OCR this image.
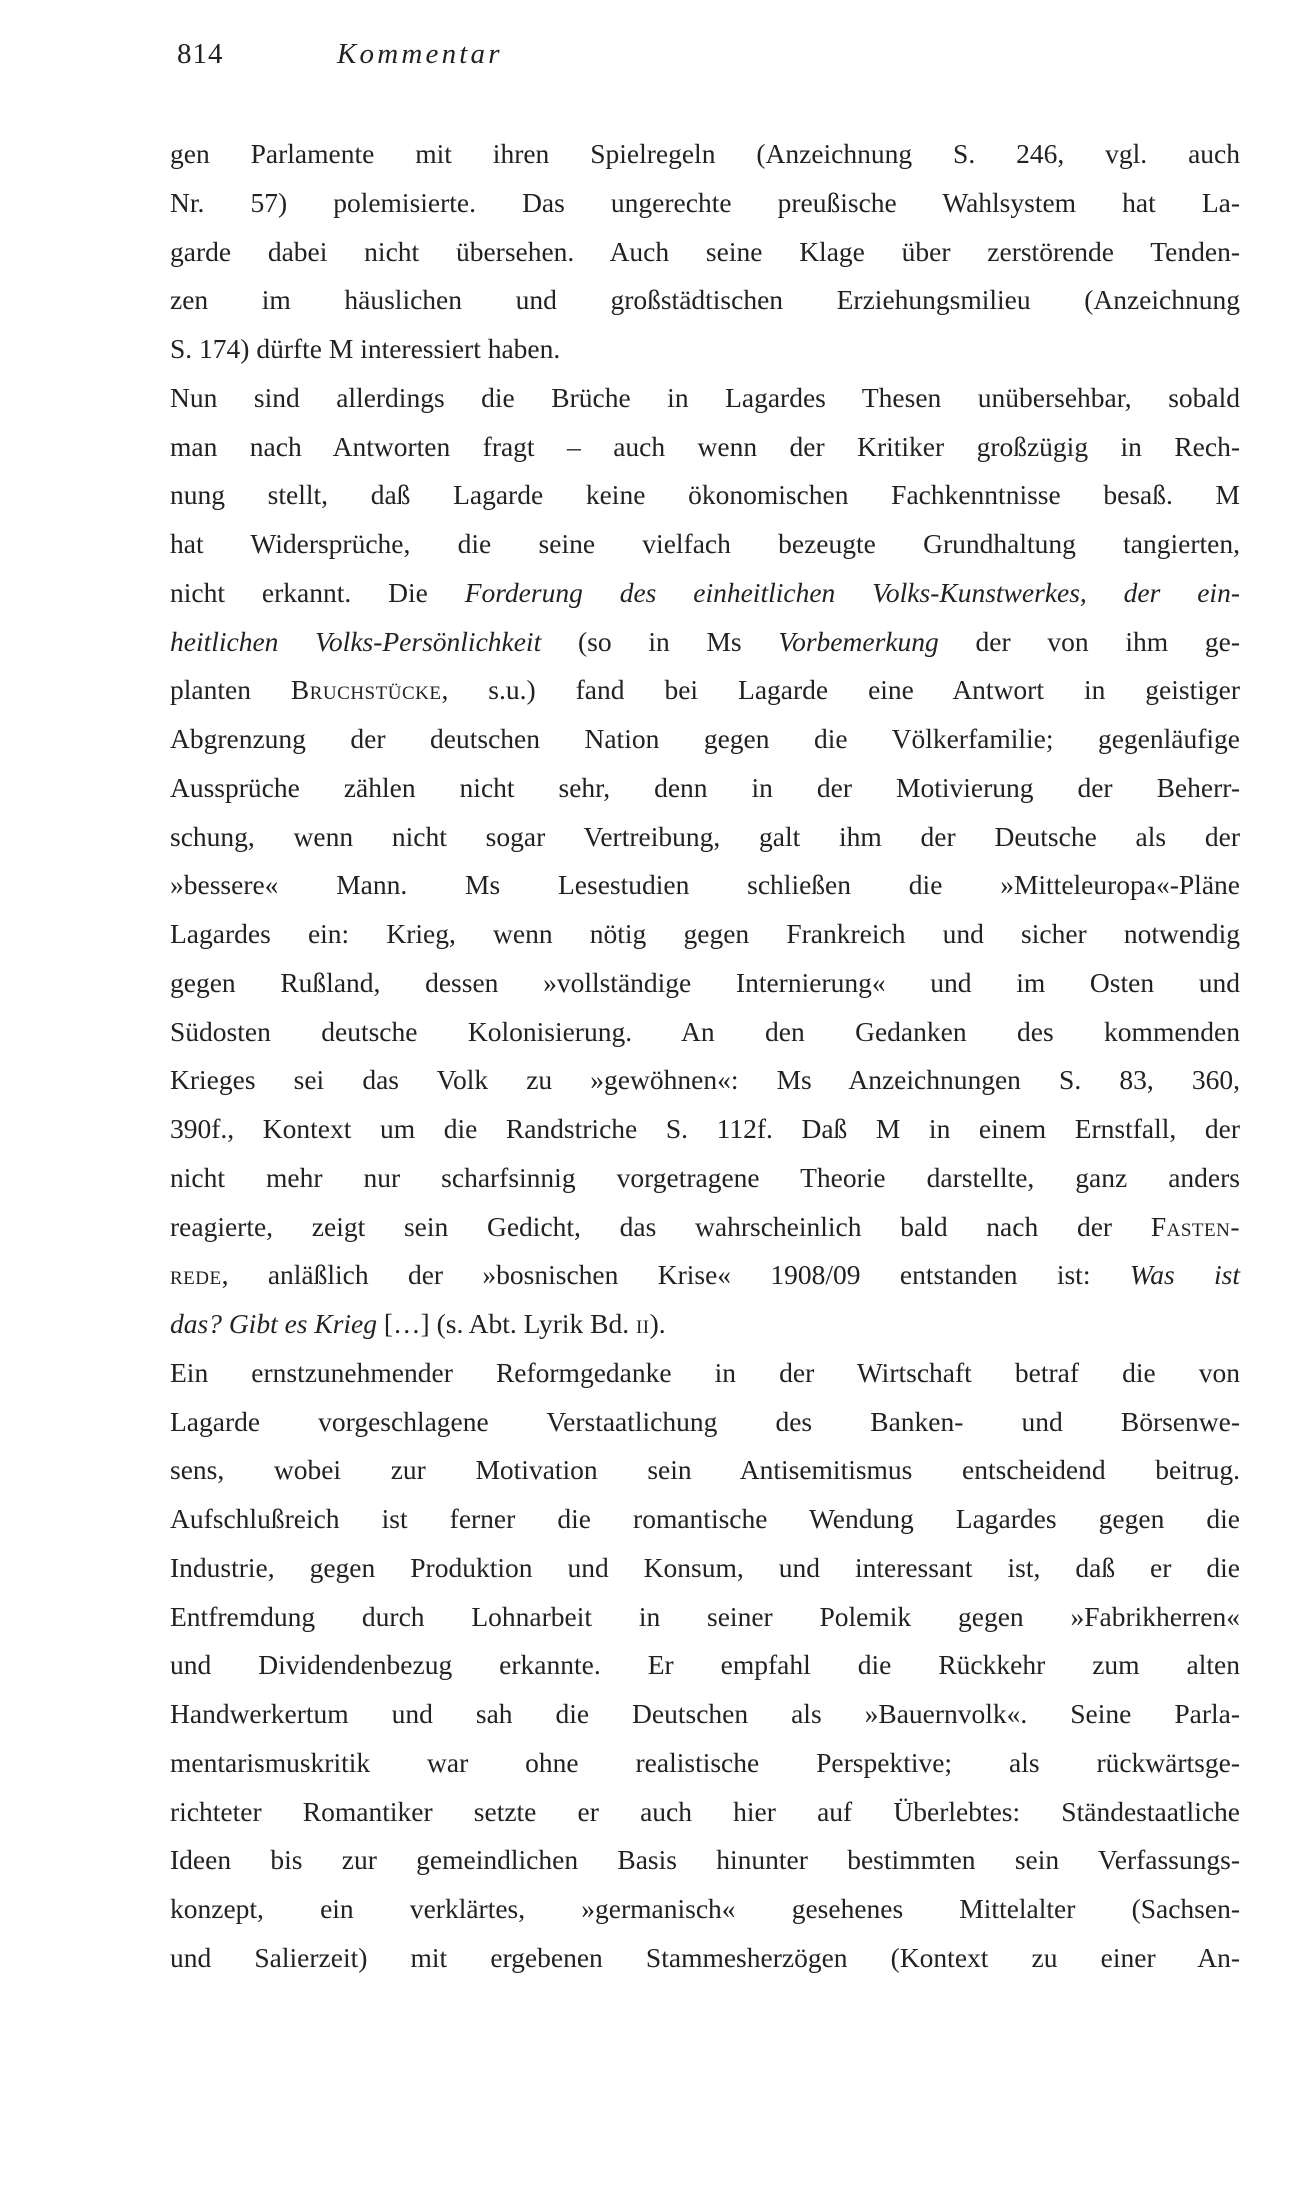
814	Kommentar
gen Parlamente mit ihren Spielregeln (Anzeichnung S. 246, vgl. auch
Nr. 57) polemisierte. Das ungerechte preußische Wahlsystem hat La-
garde dabei nicht übersehen. Auch seine Klage über zerstörende Tenden-
zen im häuslichen und großstädtischen Erziehungsmilieu (Anzeichnung
S. 174) dürfte M interessiert haben.
Nun sind allerdings die Brüche in Lagardes Thesen unübersehbar, sobald
man nach Antworten fragt – auch wenn der Kritiker großzügig in Rech-
nung stellt, daß Lagarde keine ökonomischen Fachkenntnisse besaß. M
hat Widersprüche, die seine vielfach bezeugte Grundhaltung tangierten,
nicht erkannt. Die Forderung des einheitlichen Volks-Kunstwerkes, der ein-
heitlichen Volks-Persönlichkeit (so in Ms Vorbemerkung der von ihm ge-
planten Bruchstücke, s.u.) fand bei Lagarde eine Antwort in geistiger
Abgrenzung der deutschen Nation gegen die Völkerfamilie; gegenläufige
Aussprüche zählen nicht sehr, denn in der Motivierung der Beherr-
schung, wenn nicht sogar Vertreibung, galt ihm der Deutsche als der
»bessere« Mann. Ms Lesestudien schließen die »Mitteleuropa«-Pläne
Lagardes ein: Krieg, wenn nötig gegen Frankreich und sicher notwendig
gegen Rußland, dessen »vollständige Internierung« und im Osten und
Südosten deutsche Kolonisierung. An den Gedanken des kommenden
Krieges sei das Volk zu »gewöhnen«: Ms Anzeichnungen S. 83, 360,
390f., Kontext um die Randstriche S. 112f. Daß M in einem Ernstfall, der
nicht mehr nur scharfsinnig vorgetragene Theorie darstellte, ganz anders
reagierte, zeigt sein Gedicht, das wahrscheinlich bald nach der Fasten-
rede, anläßlich der »bosnischen Krise« 1908/09 entstanden ist: Was ist
das? Gibt es Krieg […] (s. Abt. Lyrik Bd. ii).
Ein ernstzunehmender Reformgedanke in der Wirtschaft betraf die von
Lagarde vorgeschlagene Verstaatlichung des Banken- und Börsenwe-
sens, wobei zur Motivation sein Antisemitismus entscheidend beitrug.
Aufschlußreich ist ferner die romantische Wendung Lagardes gegen die
Industrie, gegen Produktion und Konsum, und interessant ist, daß er die
Entfremdung durch Lohnarbeit in seiner Polemik gegen »Fabrikherren«
und Dividendenbezug erkannte. Er empfahl die Rückkehr zum alten
Handwerkertum und sah die Deutschen als »Bauernvolk«. Seine Parla-
mentarismuskritik war ohne realistische Perspektive; als rückwärtsge-
richteter Romantiker setzte er auch hier auf Überlebtes: Ständestaatliche
Ideen bis zur gemeindlichen Basis hinunter bestimmten sein Verfassungs-
konzept, ein verklärtes, »germanisch« gesehenes Mittelalter (Sachsen-
und Salierzeit) mit ergebenen Stammesherzögen (Kontext zu einer An-
